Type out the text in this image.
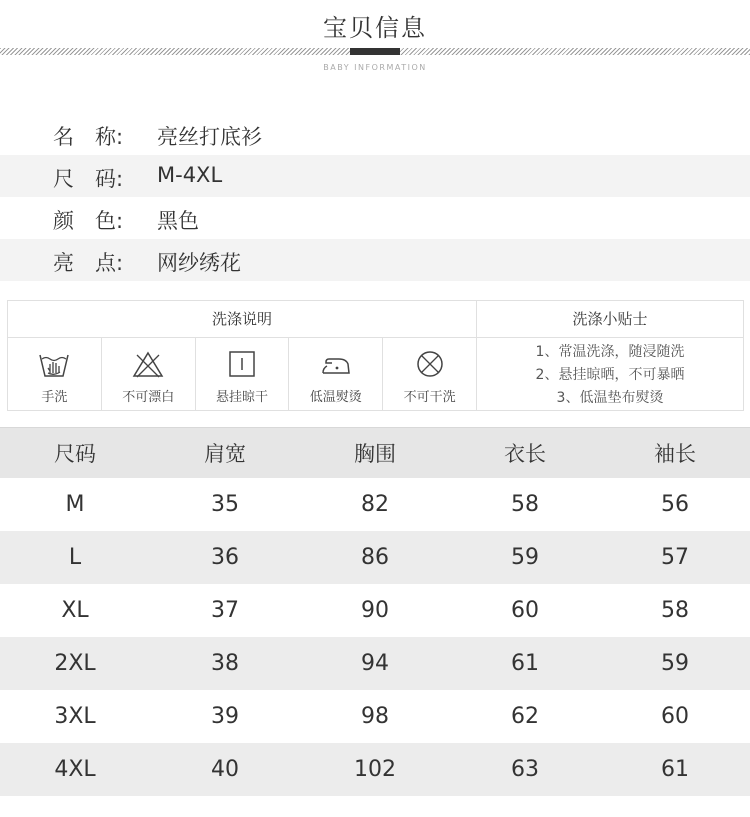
宝贝信息
BABY INFORMATION
名　称:	亮丝打底衫
尺　码:	M-4XL
颜　色:	黑色
亮　点:	网纱绣花
洗涤说明
手洗	不可漂白	悬挂晾干	低温熨烫	不可干洗
洗涤小贴士
1、常温洗涤，随浸随洗
2、悬挂晾晒，不可暴晒
3、低温垫布熨烫
尺码	肩宽	胸围	衣长	袖长
M	35	82	58	56
L	36	86	59	57
XL	37	90	60	58
2XL	38	94	61	59
3XL	39	98	62	60
4XL	40	102	63	61
